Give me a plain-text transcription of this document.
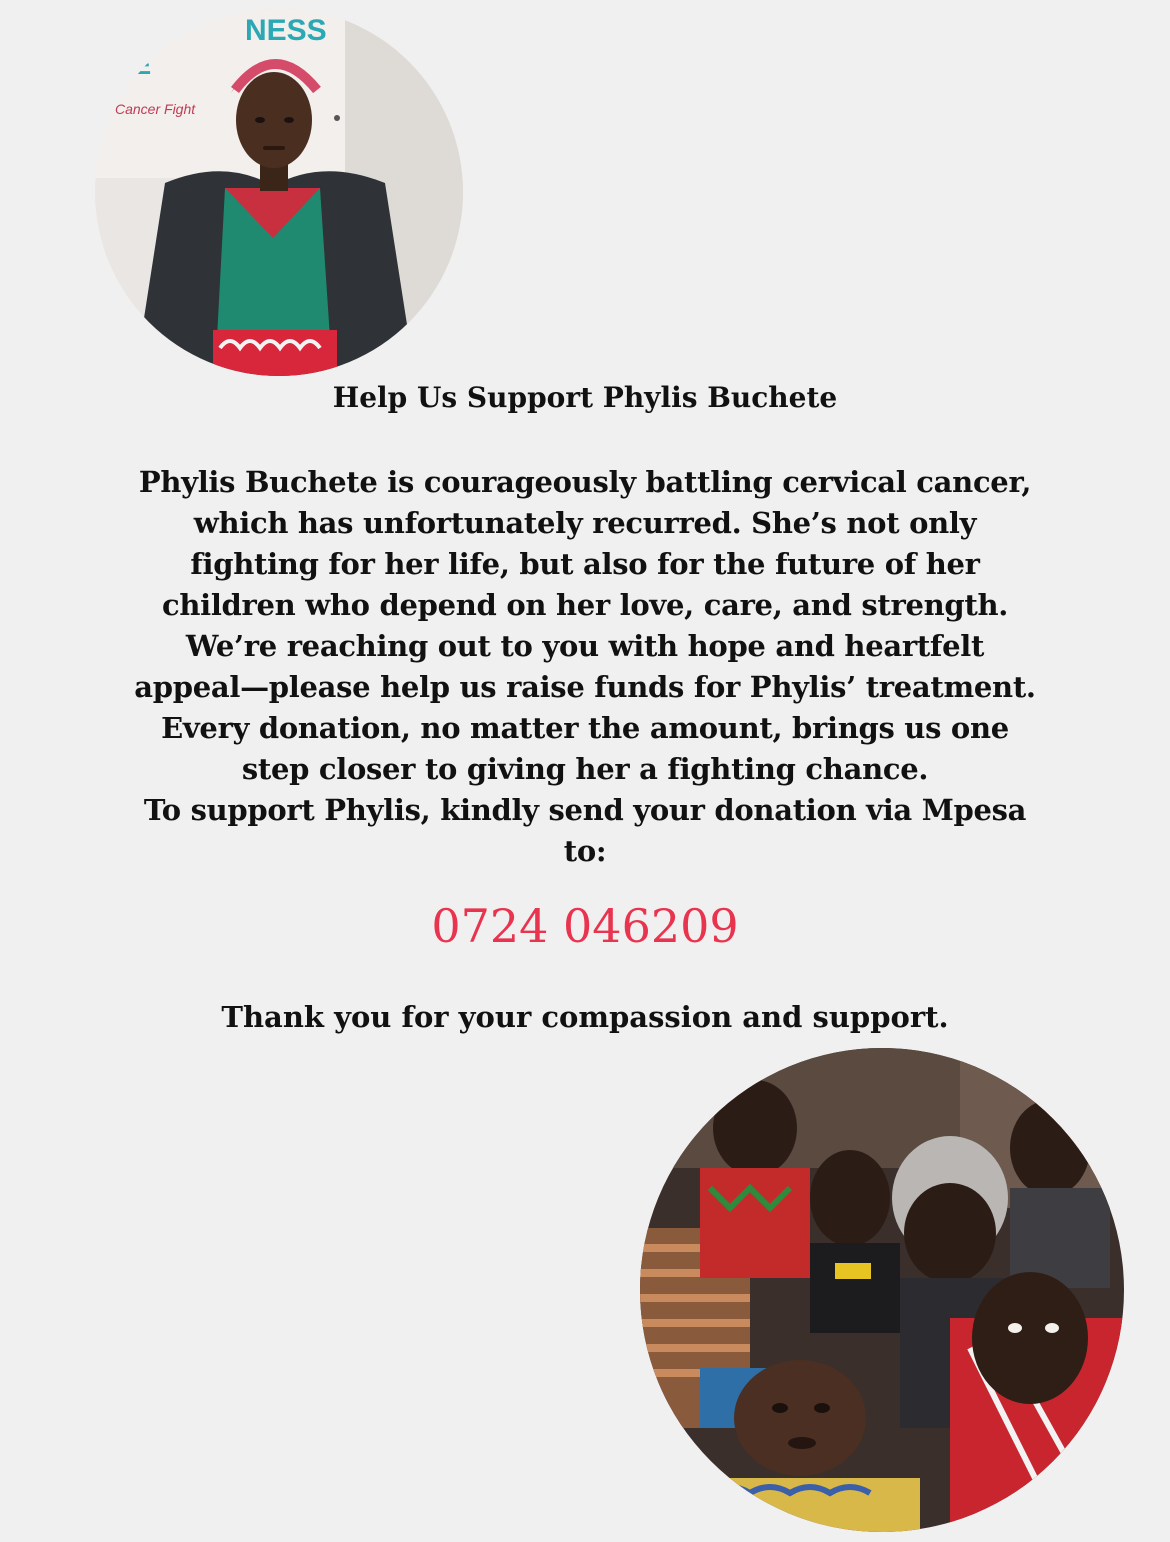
NESS
CE
Cancer Fight
Help Us Support Phylis Buchete
Phylis Buchete is courageously battling cervical cancer,
which has unfortunately recurred. She’s not only
fighting for her life, but also for the future of her
children who depend on her love, care, and strength.
We’re reaching out to you with hope and heartfelt
appeal—please help us raise funds for Phylis’ treatment.
Every donation, no matter the amount, brings us one
step closer to giving her a fighting chance.
To support Phylis, kindly send your donation via Mpesa
to:
0724 046209
Thank you for your compassion and support.
